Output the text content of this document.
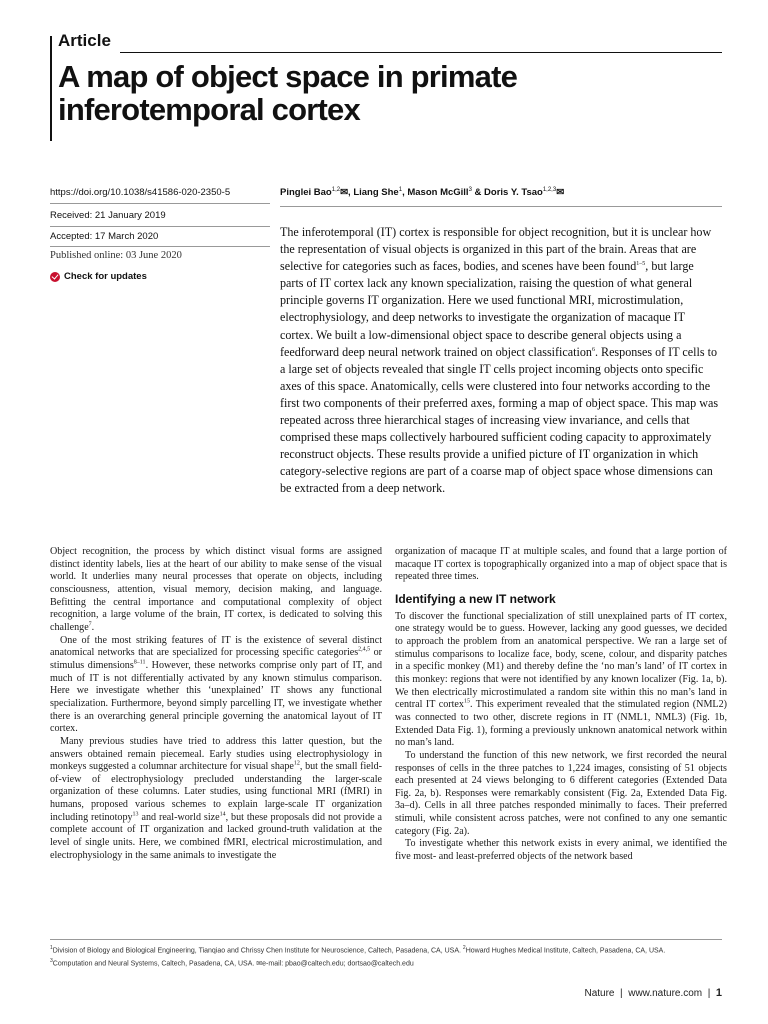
Article
A map of object space in primate inferotemporal cortex
https://doi.org/10.1038/s41586-020-2350-5
Received: 21 January 2019
Accepted: 17 March 2020
Published online: 03 June 2020
Check for updates
Pinglei Bao$^{1,2}$✉, Liang She$^1$, Mason McGill$^3$ & Doris Y. Tsao$^{1,2,3}$✉

The inferotemporal (IT) cortex is responsible for object recognition, but it is unclear how the representation of visual objects is organized in this part of the brain. Areas that are selective for categories such as faces, bodies, and scenes have been found$^{1-5}$, but large parts of IT cortex lack any known specialization, raising the question of what general principle governs IT organization. Here we used functional MRI, microstimulation, electrophysiology, and deep networks to investigate the organization of macaque IT cortex. We built a low-dimensional object space to describe general objects using a feedforward deep neural network trained on object classification$^6$. Responses of IT cells to a large set of objects revealed that single IT cells project incoming objects onto specific axes of this space. Anatomically, cells were clustered into four networks according to the first two components of their preferred axes, forming a map of object space. This map was repeated across three hierarchical stages of increasing view invariance, and cells that comprised these maps collectively harboured sufficient coding capacity to approximately reconstruct objects. These results provide a unified picture of IT organization in which category-selective regions are part of a coarse map of object space whose dimensions can be extracted from a deep network.

Object recognition, the process by which distinct visual forms are assigned distinct identity labels, lies at the heart of our ability to make sense of the visual world. It underlies many neural processes that operate on objects, including consciousness, attention, visual memory, decision making, and language. Befitting the central importance and computational complexity of object recognition, a large volume of the brain, IT cortex, is dedicated to solving this challenge$^7$.

One of the most striking features of IT is the existence of several distinct anatomical networks that are specialized for processing specific categories$^{2,4,5}$ or stimulus dimensions$^{8-11}$. However, these networks comprise only part of IT, and much of IT is not differentially activated by any known stimulus comparison. Here we investigate whether this ‘unexplained’ IT shows any functional specialization. Furthermore, beyond simply parcelling IT, we investigate whether there is an overarching general principle governing the anatomical layout of IT cortex.

Many previous studies have tried to address this latter question, but the answers obtained remain piecemeal. Early studies using electrophysiology in monkeys suggested a columnar architecture for visual shape$^{12}$, but the small field-of-view of electrophysiology precluded understanding the larger-scale organization of these columns. Later studies, using functional MRI (fMRI) in humans, proposed various schemes to explain large-scale IT organization including retinotopy$^{13}$ and real-world size$^{14}$, but these proposals did not provide a complete account of IT organization and lacked ground-truth validation at the level of single units. Here, we combined fMRI, electrical microstimulation, and electrophysiology in the same animals to investigate the

organization of macaque IT at multiple scales, and found that a large portion of macaque IT cortex is topographically organized into a map of object space that is repeated three times.

Identifying a new IT network

To discover the functional specialization of still unexplained parts of IT cortex, one strategy would be to guess. However, lacking any good guesses, we decided to approach the problem from an anatomical perspective. We ran a large set of stimulus comparisons to localize face, body, scene, colour, and disparity patches in a specific monkey (M1) and thereby define the ‘no man’s land’ of IT cortex in this monkey: regions that were not identified by any known localizer (Fig. 1a, b). We then electrically microstimulated a random site within this no man’s land in central IT cortex$^{15}$. This experiment revealed that the stimulated region (NML2) was connected to two other, discrete regions in IT (NML1, NML3) (Fig. 1b, Extended Data Fig. 1), forming a previously unknown anatomical network within no man’s land.

To understand the function of this new network, we first recorded the neural responses of cells in the three patches to 1,224 images, consisting of 51 objects each presented at 24 views belonging to 6 different categories (Extended Data Fig. 2a, b). Responses were remarkably consistent (Fig. 2a, Extended Data Fig. 3a–d). Cells in all three patches responded minimally to faces. Their preferred stimuli, while consistent across patches, were not confined to any one semantic category (Fig. 2a).

To investigate whether this network exists in every animal, we identified the five most- and least-preferred objects of the network based

$^1$Division of Biology and Biological Engineering, Tianqiao and Chrissy Chen Institute for Neuroscience, Caltech, Pasadena, CA, USA. $^2$Howard Hughes Medical Institute, Caltech, Pasadena, CA, USA.
$^3$Computation and Neural Systems, Caltech, Pasadena, CA, USA. ✉e-mail: pbao@caltech.edu; dortsao@caltech.edu
Nature | www.nature.com | 1
